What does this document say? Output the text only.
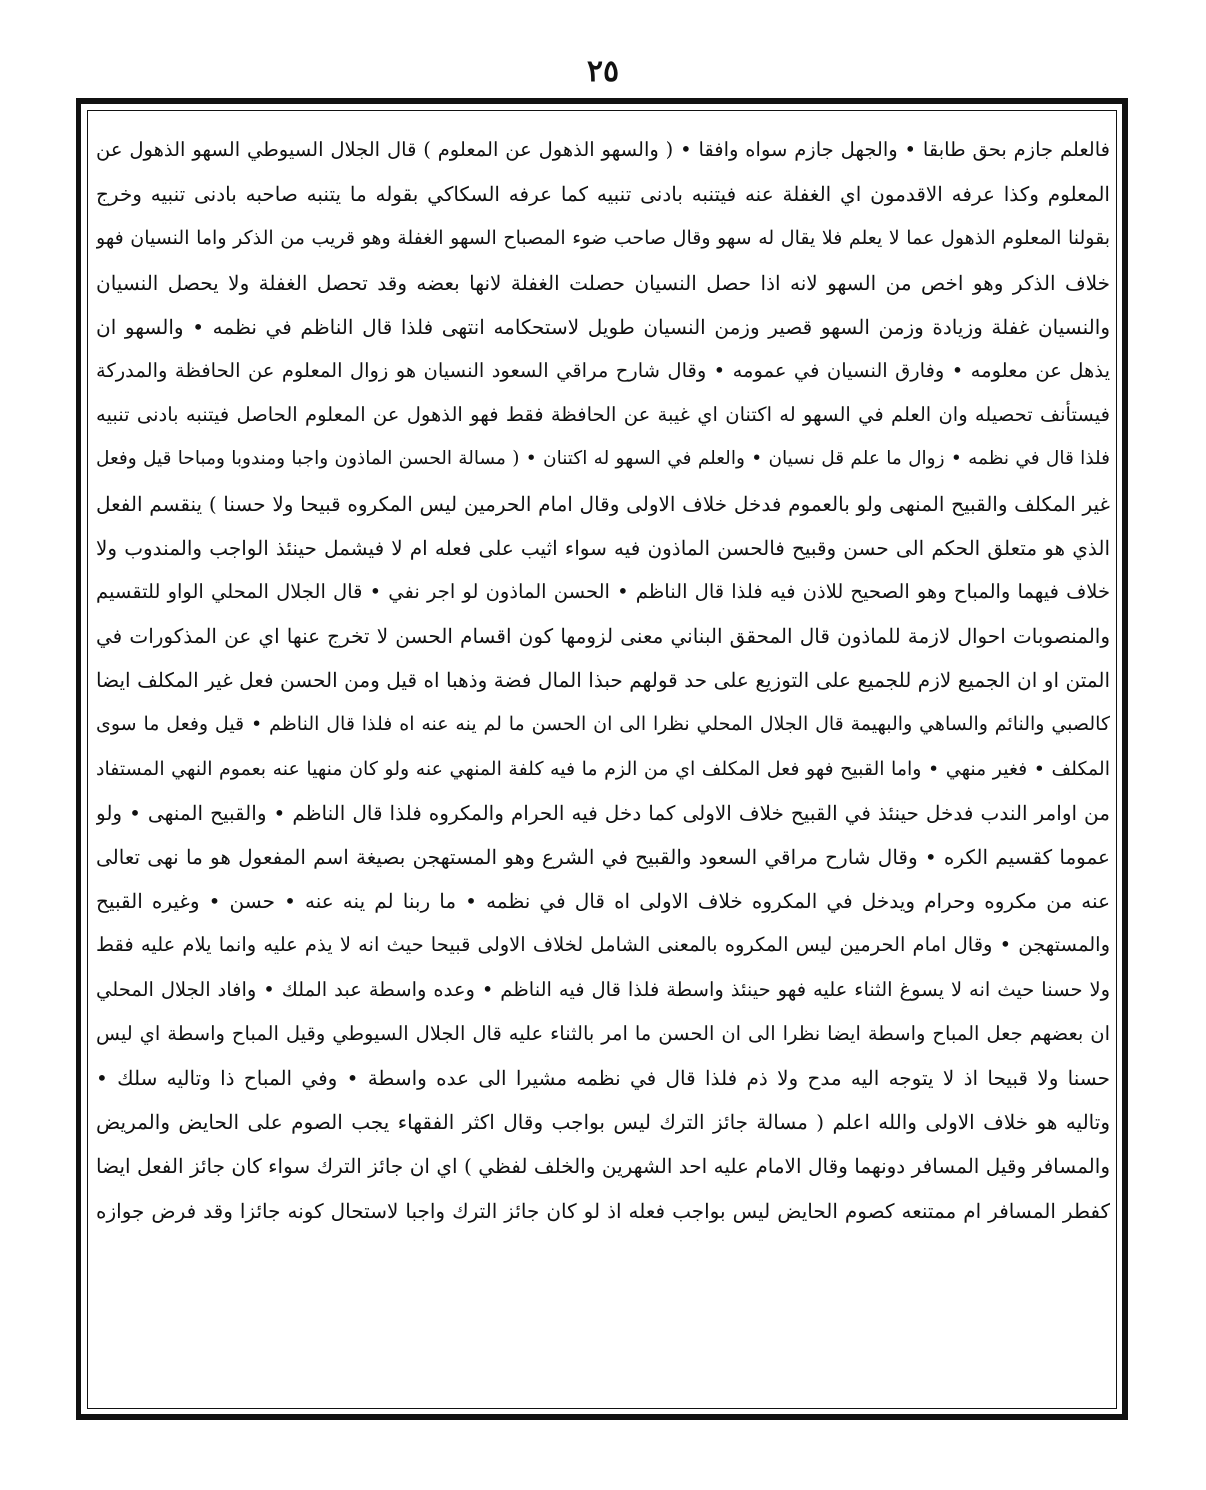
٢٥
فالعلم جازم بحق طابقا • والجهل جازم سواه وافقا • ( والسهو الذهول عن المعلوم ) قال الجلال السيوطي السهو الذهول عن
المعلوم وكذا عرفه الاقدمون اي الغفلة عنه فيتنبه بادنى تنبيه كما عرفه السكاكي بقوله ما يتنبه صاحبه بادنى تنبيه وخرج
بقولنا المعلوم الذهول عما لا يعلم فلا يقال له سهو وقال صاحب ضوء المصباح السهو الغفلة وهو قريب من الذكر واما النسيان فهو
خلاف الذكر وهو اخص من السهو لانه اذا حصل النسيان حصلت الغفلة لانها بعضه وقد تحصل الغفلة ولا يحصل النسيان
والنسيان غفلة وزيادة وزمن السهو قصير وزمن النسيان طويل لاستحكامه انتهى فلذا قال الناظم في نظمه • والسهو ان
يذهل عن معلومه • وفارق النسيان في عمومه • وقال شارح مراقي السعود النسيان هو زوال المعلوم عن الحافظة والمدركة
فيستأنف تحصيله وان العلم في السهو له اكتنان اي غيبة عن الحافظة فقط فهو الذهول عن المعلوم الحاصل فيتنبه بادنى تنبيه
فلذا قال في نظمه • زوال ما علم قل نسيان • والعلم في السهو له اكتنان • ( مسالة الحسن الماذون واجبا ومندوبا ومباحا قيل وفعل
غير المكلف والقبيح المنهى ولو بالعموم فدخل خلاف الاولى وقال امام الحرمين ليس المكروه قبيحا ولا حسنا ) ينقسم الفعل
الذي هو متعلق الحكم الى حسن وقبيح فالحسن الماذون فيه سواء اثيب على فعله ام لا فيشمل حينئذ الواجب والمندوب ولا
خلاف فيهما والمباح وهو الصحيح للاذن فيه فلذا قال الناظم • الحسن الماذون لو اجر نفي • قال الجلال المحلي الواو للتقسيم
والمنصوبات احوال لازمة للماذون قال المحقق البناني معنى لزومها كون اقسام الحسن لا تخرج عنها اي عن المذكورات في
المتن او ان الجميع لازم للجميع على التوزيع على حد قولهم حبذا المال فضة وذهبا اه قيل ومن الحسن فعل غير المكلف ايضا
كالصبي والنائم والساهي والبهيمة قال الجلال المحلي نظرا الى ان الحسن ما لم ينه عنه اه فلذا قال الناظم • قيل وفعل ما سوى
المكلف • فغير منهي • واما القبيح فهو فعل المكلف اي من الزم ما فيه كلفة المنهي عنه ولو كان منهيا عنه بعموم النهي المستفاد
من اوامر الندب فدخل حينئذ في القبيح خلاف الاولى كما دخل فيه الحرام والمكروه فلذا قال الناظم • والقبيح المنهى • ولو
عموما كقسيم الكره • وقال شارح مراقي السعود والقبيح في الشرع وهو المستهجن بصيغة اسم المفعول هو ما نهى تعالى
عنه من مكروه وحرام ويدخل في المكروه خلاف الاولى اه قال في نظمه • ما ربنا لم ينه عنه • حسن • وغيره القبيح
والمستهجن • وقال امام الحرمين ليس المكروه بالمعنى الشامل لخلاف الاولى قبيحا حيث انه لا يذم عليه وانما يلام عليه فقط
ولا حسنا حيث انه لا يسوغ الثناء عليه فهو حينئذ واسطة فلذا قال فيه الناظم • وعده واسطة عبد الملك • وافاد الجلال المحلي
ان بعضهم جعل المباح واسطة ايضا نظرا الى ان الحسن ما امر بالثناء عليه قال الجلال السيوطي وقيل المباح واسطة اي ليس
حسنا ولا قبيحا اذ لا يتوجه اليه مدح ولا ذم فلذا قال في نظمه مشيرا الى عده واسطة • وفي المباح ذا وتاليه سلك •
وتاليه هو خلاف الاولى والله اعلم ( مسالة جائز الترك ليس بواجب وقال اكثر الفقهاء يجب الصوم على الحايض والمريض
والمسافر وقيل المسافر دونهما وقال الامام عليه احد الشهرين والخلف لفظي ) اي ان جائز الترك سواء كان جائز الفعل ايضا
كفطر المسافر ام ممتنعه كصوم الحايض ليس بواجب فعله اذ لو كان جائز الترك واجبا لاستحال كونه جائزا وقد فرض جوازه
